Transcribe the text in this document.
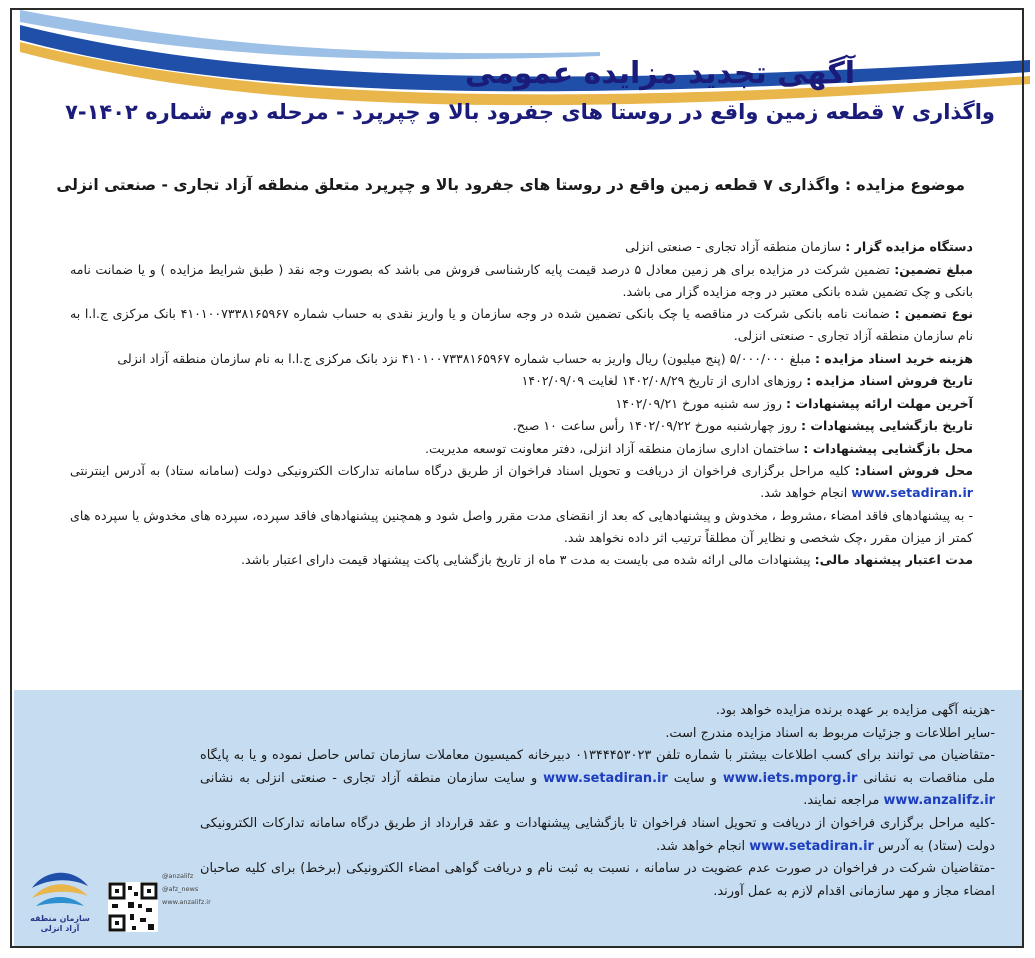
آگهی تجدید مزایده عمومی
واگذاری ۷ قطعه زمین واقع در روستا های جفرود بالا و چپرپرد - مرحله دوم شماره ۱۴۰۲-۷
موضوع مزایده : واگذاری ۷ قطعه زمین واقع در روستا های جفرود بالا و چپرپرد متعلق منطقه آزاد تجاری - صنعتی انزلی

دستگاه مزایده گزار : سازمان منطقه آزاد تجاری - صنعتی انزلی

مبلغ تضمین: تضمین شرکت در مزایده برای هر زمین معادل ۵ درصد قیمت پایه کارشناسی فروش می باشد که بصورت وجه نقد ( طبق شرایط مزایده ) و یا ضمانت نامه بانکی و چک تضمین شده بانکی معتبر در وجه مزایده گزار می باشد.

نوع تضمین : ضمانت نامه بانکی شرکت در مناقصه یا چک بانکی تضمین شده در وجه سازمان و یا واریز نقدی به حساب شماره ۴۱۰۱۰۰۷۳۳۸۱۶۵۹۶۷ بانک مرکزی ج.ا.ا به نام سازمان منطقه آزاد تجاری - صنعتی انزلی.

هزینه خرید اسناد مزایده : مبلغ ۵/۰۰۰/۰۰۰ (پنج میلیون) ریال واریز به حساب شماره ۴۱۰۱۰۰۷۳۳۸۱۶۵۹۶۷ نزد بانک مرکزی ج.ا.ا به نام سازمان منطقه آزاد انزلی

تاریخ فروش اسناد مزایده : روزهای اداری از تاریخ ۱۴۰۲/۰۸/۲۹ لغایت ۱۴۰۲/۰۹/۰۹

آخرین مهلت ارائه پیشنهادات : روز سه شنبه مورخ ۱۴۰۲/۰۹/۲۱

تاریخ بازگشایی پیشنهادات : روز چهارشنبه مورخ ۱۴۰۲/۰۹/۲۲ رأس ساعت ۱۰ صبح.

محل بازگشایی پیشنهادات : ساختمان اداری سازمان منطقه آزاد انزلی، دفتر معاونت توسعه مدیریت.

محل فروش اسناد: کلیه مراحل برگزاری فراخوان از دریافت و تحویل اسناد فراخوان از طریق درگاه سامانه تدارکات الکترونیکی دولت (سامانه ستاد) به آدرس اینترنتی www.setadiran.ir انجام خواهد شد.

- به پیشنهادهای فاقد امضاء ،مشروط ، مخدوش و پیشنهادهایی که بعد از انقضای مدت مقرر واصل شود و همچنین پیشنهادهای فاقد سپرده، سپرده های مخدوش یا سپرده های کمتر از میزان مقرر ،چک شخصی و نظایر آن مطلقاً ترتیب اثر داده نخواهد شد.

مدت اعتبار پیشنهاد مالی: پیشنهادات مالی ارائه شده می بایست به مدت ۳ ماه از تاریخ بازگشایی پاکت پیشنهاد قیمت دارای اعتبار باشد.

-هزینه آگهی مزایده بر عهده برنده مزایده خواهد بود.

-سایر اطلاعات و جزئیات مربوط به اسناد مزایده مندرج است.

-متقاضیان می توانند برای کسب اطلاعات بیشتر با شماره تلفن ۰۱۳۴۴۴۵۳۰۲۳ دبیرخانه کمیسیون معاملات سازمان تماس حاصل نموده و یا به پایگاه ملی مناقصات به نشانی www.iets.mporg.ir و سایت www.setadiran.ir و سایت سازمان منطقه آزاد تجاری - صنعتی انزلی به نشانی www.anzalifz.ir مراجعه نمایند.

-کلیه مراحل برگزاری فراخوان از دریافت و تحویل اسناد فراخوان تا بازگشایی پیشنهادات و عقد قرارداد از طریق درگاه سامانه تدارکات الکترونیکی دولت (ستاد) به آدرس www.setadiran.ir انجام خواهد شد.

-متقاضیان شرکت در فراخوان در صورت عدم عضویت در سامانه ، نسبت به ثبت نام و دریافت گواهی امضاء الکترونیکی (برخط) برای کلیه صاحبان امضاء مجاز و مهر سازمانی اقدام لازم به عمل آورند.

سازمان منطقه آزاد انزلی
@anzalifz
@afz_news
www.anzalifz.ir
